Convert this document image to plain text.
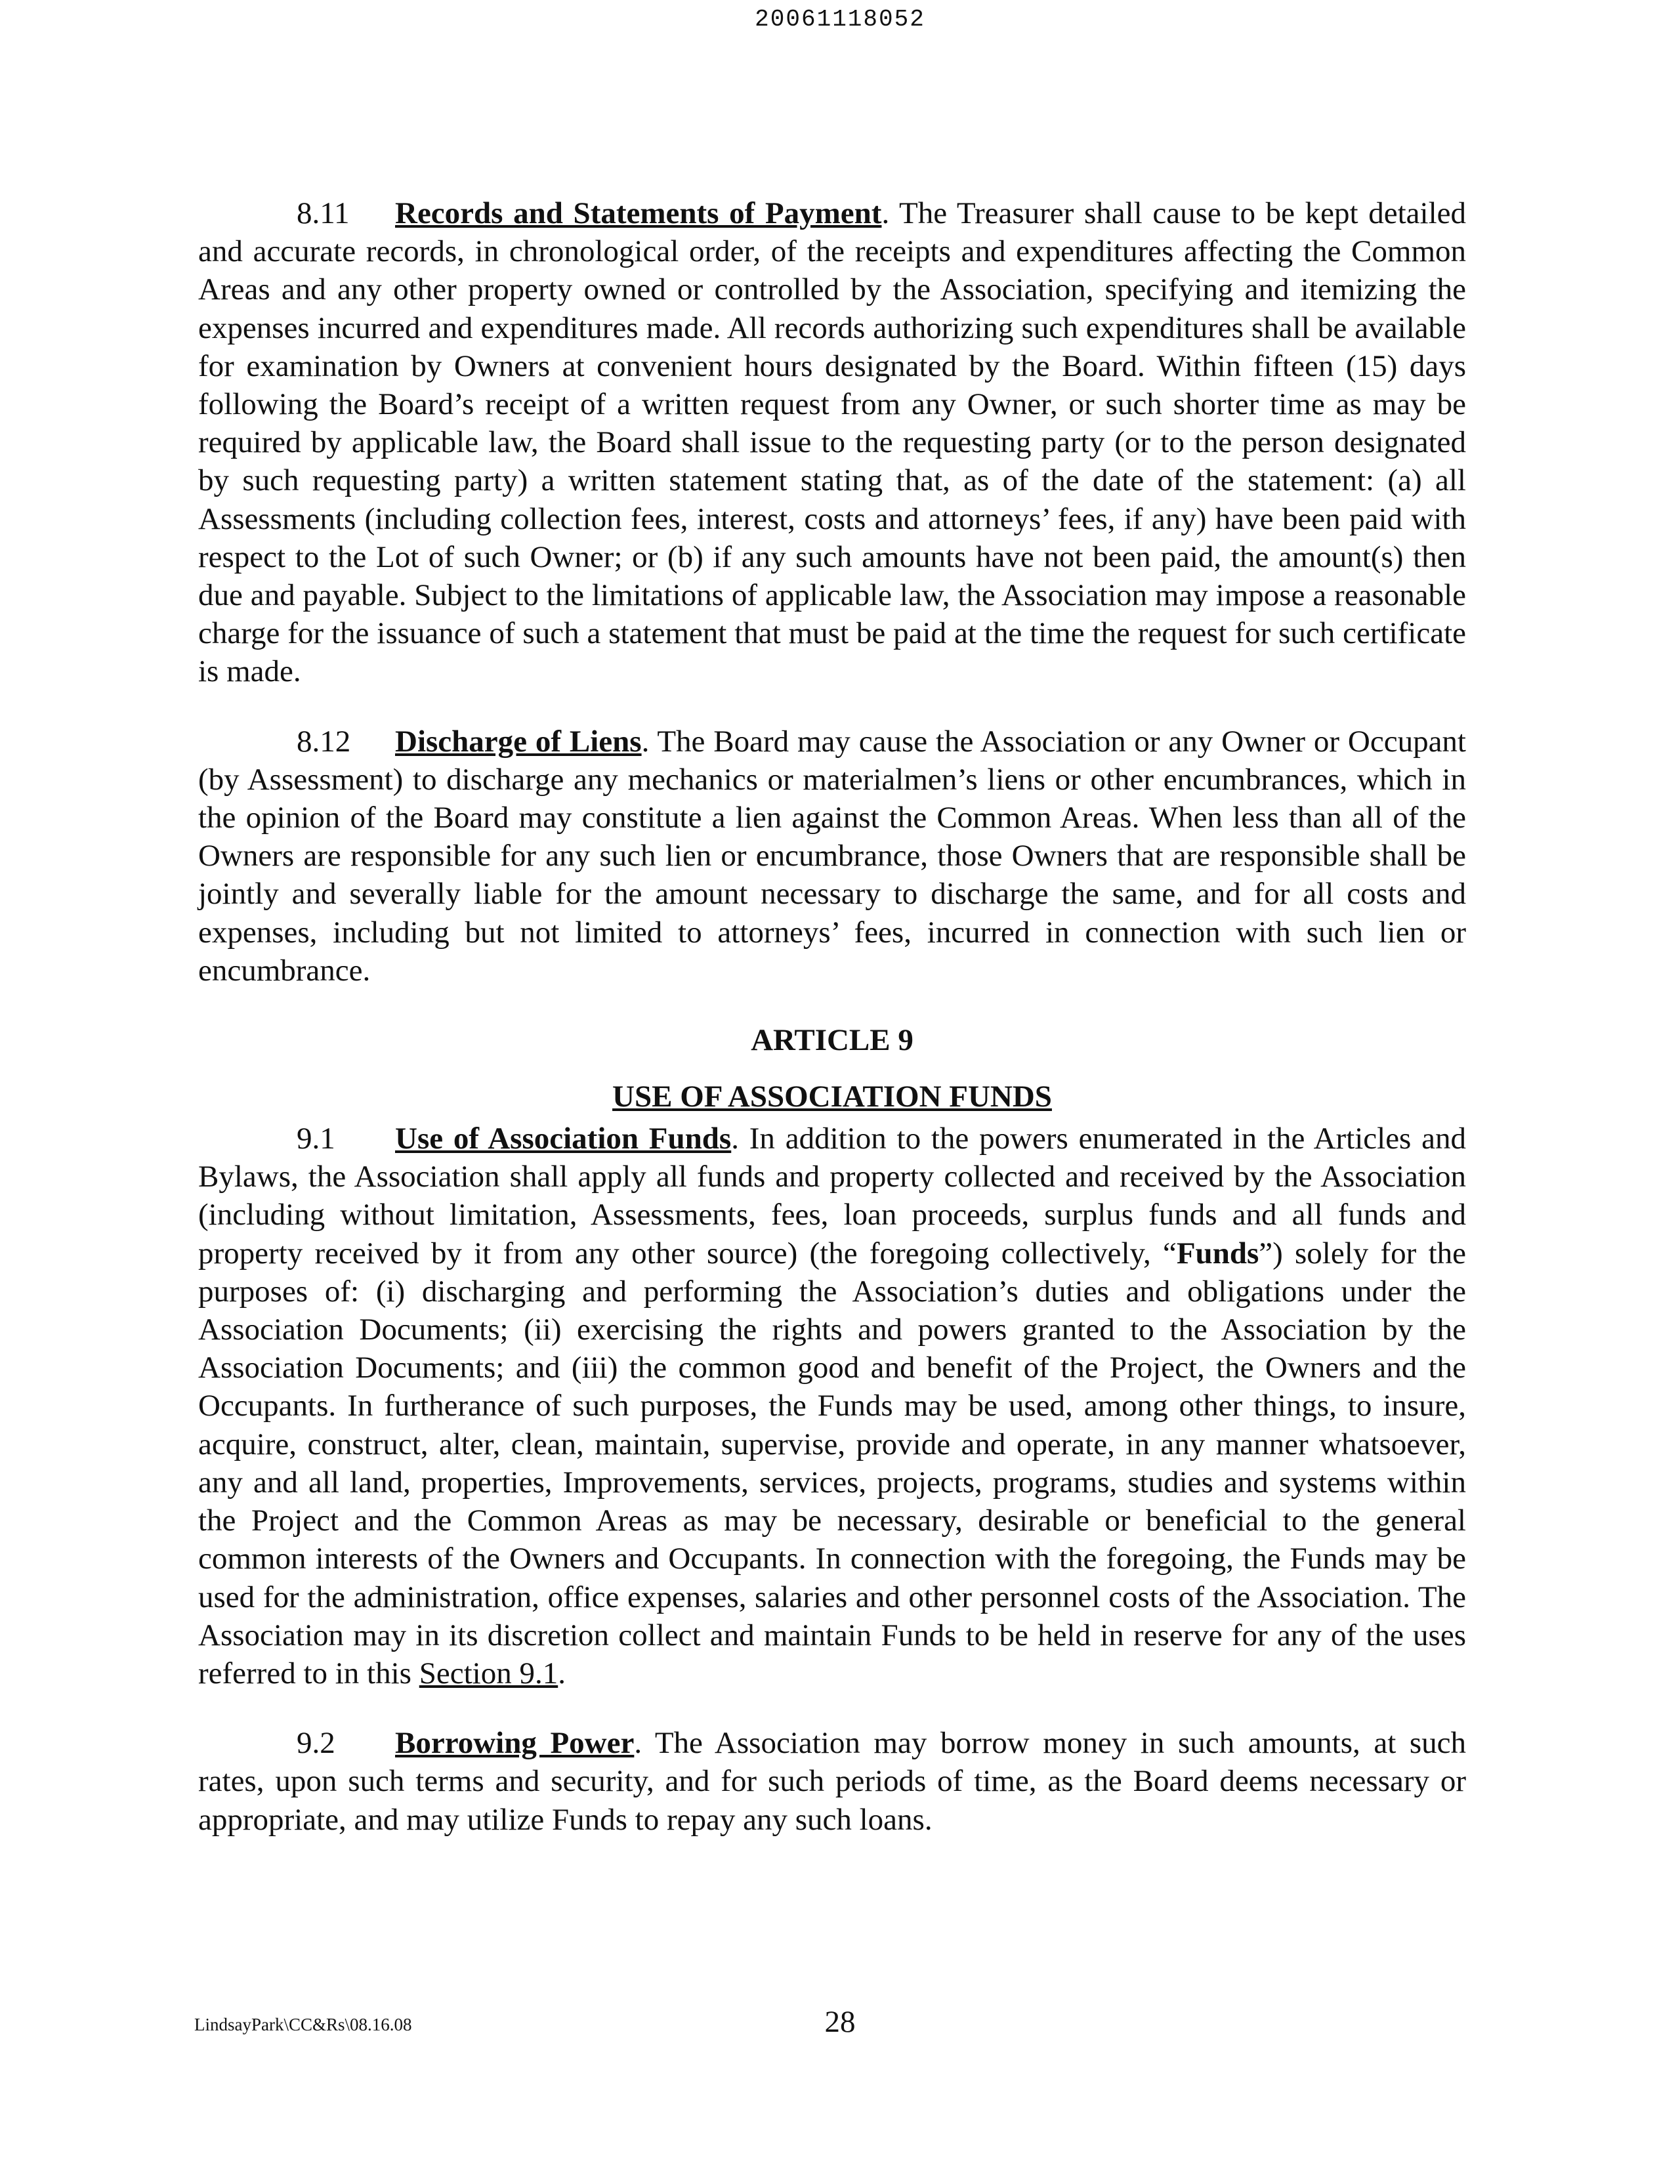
20061118052

8.11 Records and Statements of Payment. The Treasurer shall cause to be kept detailed and accurate records, in chronological order, of the receipts and expenditures affecting the Common Areas and any other property owned or controlled by the Association, specifying and itemizing the expenses incurred and expenditures made. All records authorizing such expenditures shall be available for examination by Owners at convenient hours designated by the Board. Within fifteen (15) days following the Board’s receipt of a written request from any Owner, or such shorter time as may be required by applicable law, the Board shall issue to the requesting party (or to the person designated by such requesting party) a written statement stating that, as of the date of the statement: (a) all Assessments (including collection fees, interest, costs and attorneys’ fees, if any) have been paid with respect to the Lot of such Owner; or (b) if any such amounts have not been paid, the amount(s) then due and payable. Subject to the limitations of applicable law, the Association may impose a reasonable charge for the issuance of such a statement that must be paid at the time the request for such certificate is made.

8.12 Discharge of Liens. The Board may cause the Association or any Owner or Occupant (by Assessment) to discharge any mechanics or materialmen’s liens or other encumbrances, which in the opinion of the Board may constitute a lien against the Common Areas. When less than all of the Owners are responsible for any such lien or encumbrance, those Owners that are responsible shall be jointly and severally liable for the amount necessary to discharge the same, and for all costs and expenses, including but not limited to attorneys’ fees, incurred in connection with such lien or encumbrance.

ARTICLE 9
USE OF ASSOCIATION FUNDS

9.1 Use of Association Funds. In addition to the powers enumerated in the Articles and Bylaws, the Association shall apply all funds and property collected and received by the Association (including without limitation, Assessments, fees, loan proceeds, surplus funds and all funds and property received by it from any other source) (the foregoing collectively, “Funds”) solely for the purposes of: (i) discharging and performing the Association’s duties and obligations under the Association Documents; (ii) exercising the rights and powers granted to the Association by the Association Documents; and (iii) the common good and benefit of the Project, the Owners and the Occupants. In furtherance of such purposes, the Funds may be used, among other things, to insure, acquire, construct, alter, clean, maintain, supervise, provide and operate, in any manner whatsoever, any and all land, properties, Improvements, services, projects, programs, studies and systems within the Project and the Common Areas as may be necessary, desirable or beneficial to the general common interests of the Owners and Occupants. In connection with the foregoing, the Funds may be used for the administration, office expenses, salaries and other personnel costs of the Association. The Association may in its discretion collect and maintain Funds to be held in reserve for any of the uses referred to in this Section 9.1.

9.2 Borrowing Power. The Association may borrow money in such amounts, at such rates, upon such terms and security, and for such periods of time, as the Board deems necessary or appropriate, and may utilize Funds to repay any such loans.

LindsayPark\CC&Rs\08.16.08	28
